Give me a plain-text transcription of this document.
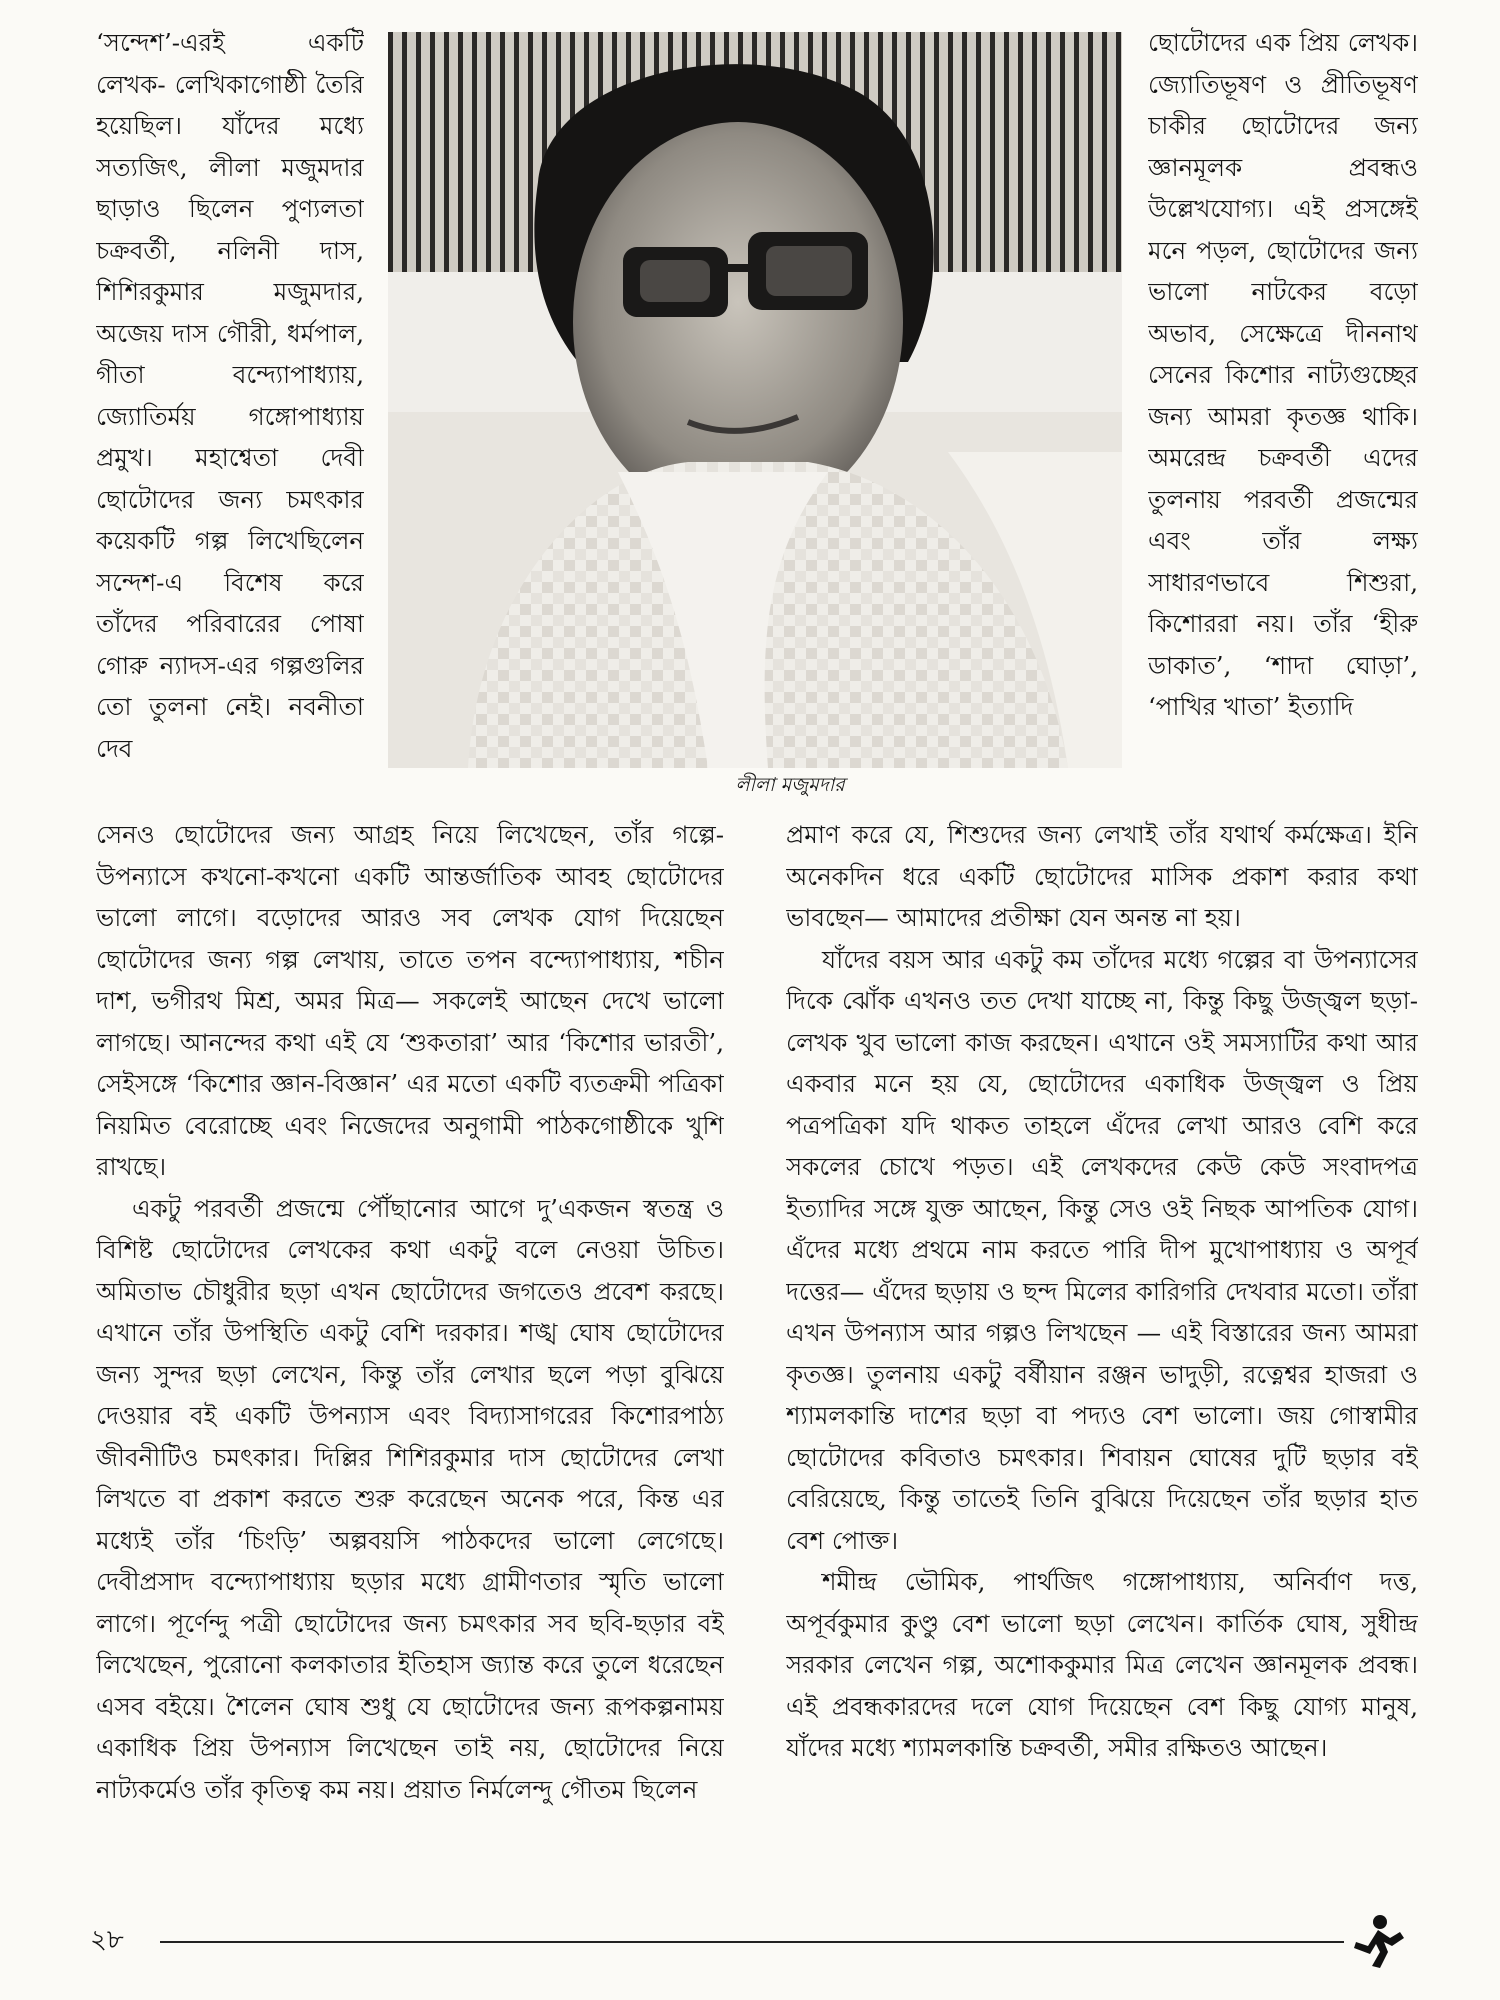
‘সন্দেশ’-এরই একটি লেখক- লেখিকাগোষ্ঠী তৈরি হয়েছিল। যাঁদের মধ্যে সত্যজিৎ, লীলা মজুমদার ছাড়াও ছিলেন পুণ্যলতা চক্রবর্তী, নলিনী দাস, শিশিরকুমার মজুমদার, অজেয় দাস গৌরী, ধর্মপাল, গীতা বন্দ্যোপাধ্যায়, জ্যোতির্ময় গঙ্গোপাধ্যায় প্রমুখ। মহাশ্বেতা দেবী ছোটোদের জন্য চমৎকার কয়েকটি গল্প লিখেছিলেন সন্দেশ-এ বিশেষ করে তাঁদের পরিবারের পোষা গোরু ন্যাদস-এর গল্পগুলির তো তুলনা নেই। নবনীতা দেব

লীলা মজুমদার

ছোটোদের এক প্রিয় লেখক। জ্যোতিভূষণ ও প্রীতিভূষণ চাকীর ছোটোদের জন্য জ্ঞানমূলক প্রবন্ধও উল্লেখযোগ্য। এই প্রসঙ্গেই মনে পড়ল, ছোটোদের জন্য ভালো নাটকের বড়ো অভাব, সেক্ষেত্রে দীননাথ সেনের কিশোর নাট্যগুচ্ছের জন্য আমরা কৃতজ্ঞ থাকি। অমরেন্দ্র চক্রবর্তী এদের তুলনায় পরবর্তী প্রজন্মের এবং তাঁর লক্ষ্য সাধারণভাবে শিশুরা, কিশোররা নয়। তাঁর ‘হীরু ডাকাত’, ‘শাদা ঘোড়া’, ‘পাখির খাতা’ ইত্যাদি

সেনও ছোটোদের জন্য আগ্রহ নিয়ে লিখেছেন, তাঁর গল্পে-উপন্যাসে কখনো-কখনো একটি আন্তর্জাতিক আবহ ছোটোদের ভালো লাগে। বড়োদের আরও সব লেখক যোগ দিয়েছেন ছোটোদের জন্য গল্প লেখায়, তাতে তপন বন্দ্যোপাধ্যায়, শচীন দাশ, ভগীরথ মিশ্র, অমর মিত্র— সকলেই আছেন দেখে ভালো লাগছে। আনন্দের কথা এই যে ‘শুকতারা’ আর ‘কিশোর ভারতী’, সেইসঙ্গে ‘কিশোর জ্ঞান-বিজ্ঞান’ এর মতো একটি ব্যতক্রমী পত্রিকা নিয়মিত বেরোচ্ছে এবং নিজেদের অনুগামী পাঠকগোষ্ঠীকে খুশি রাখছে।

একটু পরবর্তী প্রজন্মে পৌঁছানোর আগে দু’একজন স্বতন্ত্র ও বিশিষ্ট ছোটোদের লেখকের কথা একটু বলে নেওয়া উচিত। অমিতাভ চৌধুরীর ছড়া এখন ছোটোদের জগতেও প্রবেশ করছে। এখানে তাঁর উপস্থিতি একটু বেশি দরকার। শঙ্খ ঘোষ ছোটোদের জন্য সুন্দর ছড়া লেখেন, কিন্তু তাঁর লেখার ছলে পড়া বুঝিয়ে দেওয়ার বই একটি উপন্যাস এবং বিদ্যাসাগরের কিশোরপাঠ্য জীবনীটিও চমৎকার। দিল্লির শিশিরকুমার দাস ছোটোদের লেখা লিখতে বা প্রকাশ করতে শুরু করেছেন অনেক পরে, কিন্ত এর মধ্যেই তাঁর ‘চিংড়ি’ অল্পবয়সি পাঠকদের ভালো লেগেছে। দেবীপ্রসাদ বন্দ্যোপাধ্যায় ছড়ার মধ্যে গ্রামীণতার স্মৃতি ভালো লাগে। পূর্ণেন্দু পত্রী ছোটোদের জন্য চমৎকার সব ছবি-ছড়ার বই লিখেছেন, পুরোনো কলকাতার ইতিহাস জ্যান্ত করে তুলে ধরেছেন এসব বইয়ে। শৈলেন ঘোষ শুধু যে ছোটোদের জন্য রূপকল্পনাময় একাধিক প্রিয় উপন্যাস লিখেছেন তাই নয়, ছোটোদের নিয়ে নাট্যকর্মেও তাঁর কৃতিত্ব কম নয়। প্রয়াত নির্মলেন্দু গৌতম ছিলেন

প্রমাণ করে যে, শিশুদের জন্য লেখাই তাঁর যথার্থ কর্মক্ষেত্র। ইনি অনেকদিন ধরে একটি ছোটোদের মাসিক প্রকাশ করার কথা ভাবছেন— আমাদের প্রতীক্ষা যেন অনন্ত না হয়।

যাঁদের বয়স আর একটু কম তাঁদের মধ্যে গল্পের বা উপন্যাসের দিকে ঝোঁক এখনও তত দেখা যাচ্ছে না, কিন্তু কিছু উজ্জ্বল ছড়া-লেখক খুব ভালো কাজ করছেন। এখানে ওই সমস্যাটির কথা আর একবার মনে হয় যে, ছোটোদের একাধিক উজ্জ্বল ও প্রিয় পত্রপত্রিকা যদি থাকত তাহলে এঁদের লেখা আরও বেশি করে সকলের চোখে পড়ত। এই লেখকদের কেউ কেউ সংবাদপত্র ইত্যাদির সঙ্গে যুক্ত আছেন, কিন্তু সেও ওই নিছক আপতিক যোগ। এঁদের মধ্যে প্রথমে নাম করতে পারি দীপ মুখোপাধ্যায় ও অপূর্ব দত্তের— এঁদের ছড়ায় ও ছন্দ মিলের কারিগরি দেখবার মতো। তাঁরা এখন উপন্যাস আর গল্পও লিখছেন — এই বিস্তারের জন্য আমরা কৃতজ্ঞ। তুলনায় একটু বর্ষীয়ান রঞ্জন ভাদুড়ী, রত্নেশ্বর হাজরা ও শ্যামলকান্তি দাশের ছড়া বা পদ্যও বেশ ভালো। জয় গোস্বামীর ছোটোদের কবিতাও চমৎকার। শিবায়ন ঘোষের দুটি ছড়ার বই বেরিয়েছে, কিন্তু তাতেই তিনি বুঝিয়ে দিয়েছেন তাঁর ছড়ার হাত বেশ পোক্ত।

শমীন্দ্র ভৌমিক, পার্থজিৎ গঙ্গোপাধ্যায়, অনির্বাণ দত্ত, অপূর্বকুমার কুণ্ডু বেশ ভালো ছড়া লেখেন। কার্তিক ঘোষ, সুধীন্দ্র সরকার লেখেন গল্প, অশোককুমার মিত্র লেখেন জ্ঞানমূলক প্রবন্ধ। এই প্রবন্ধকারদের দলে যোগ দিয়েছেন বেশ কিছু যোগ্য মানুষ, যাঁদের মধ্যে শ্যামলকান্তি চক্রবর্তী, সমীর রক্ষিতও আছেন।

২৮
